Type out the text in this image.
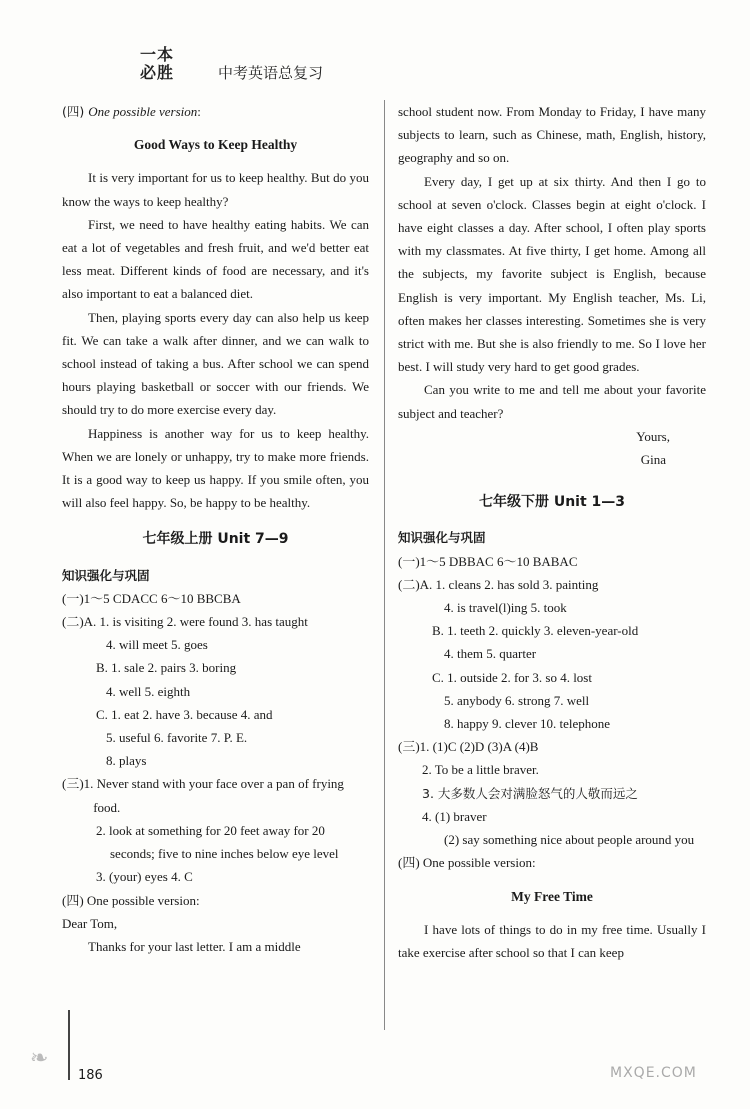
一本
必胜	中考英语总复习

(四) One possible version:

Good Ways to Keep Healthy

It is very important for us to keep healthy. But do you know the ways to keep healthy?

First, we need to have healthy eating habits. We can eat a lot of vegetables and fresh fruit, and we'd better eat less meat. Different kinds of food are necessary, and it's also important to eat a balanced diet.

Then, playing sports every day can also help us keep fit. We can take a walk after dinner, and we can walk to school instead of taking a bus. After school we can spend hours playing basketball or soccer with our friends. We should try to do more exercise every day.

Happiness is another way for us to keep healthy. When we are lonely or unhappy, try to make more friends. It is a good way to keep us happy. If you smile often, you will also feel happy. So, be happy to be healthy.

七年级上册 Unit 7—9

知识强化与巩固

(一)1～5 CDACC 6～10 BBCBA

(二)A. 1. is visiting 2. were found 3. has taught

4. will meet 5. goes

B. 1. sale 2. pairs 3. boring

4. well 5. eighth

C. 1. eat 2. have 3. because 4. and

5. useful 6. favorite 7. P. E.

8. plays

(三)1. Never stand with your face over a pan of frying food.

2. look at something for 20 feet away for 20 seconds; five to nine inches below eye level

3. (your) eyes 4. C

(四) One possible version:

Dear Tom,

Thanks for your last letter. I am a middle

school student now. From Monday to Friday, I have many subjects to learn, such as Chinese, math, English, history, geography and so on.

Every day, I get up at six thirty. And then I go to school at seven o'clock. Classes begin at eight o'clock. I have eight classes a day. After school, I often play sports with my classmates. At five thirty, I get home. Among all the subjects, my favorite subject is English, because English is very important. My English teacher, Ms. Li, often makes her classes interesting. Sometimes she is very strict with me. But she is also friendly to me. So I love her best. I will study very hard to get good grades.

Can you write to me and tell me about your favorite subject and teacher?

Yours,

Gina

七年级下册 Unit 1—3

知识强化与巩固

(一)1～5 DBBAC 6～10 BABAC

(二)A. 1. cleans 2. has sold 3. painting

4. is travel(l)ing 5. took

B. 1. teeth 2. quickly 3. eleven-year-old

4. them 5. quarter

C. 1. outside 2. for 3. so 4. lost

5. anybody 6. strong 7. well

8. happy 9. clever 10. telephone

(三)1. (1)C (2)D (3)A (4)B

2. To be a little braver.

3. 大多数人会对满脸怒气的人敬而远之

4. (1) braver

(2) say something nice about people around you

(四) One possible version:

My Free Time

I have lots of things to do in my free time. Usually I take exercise after school so that I can keep

❧
186	MXQE.COM
